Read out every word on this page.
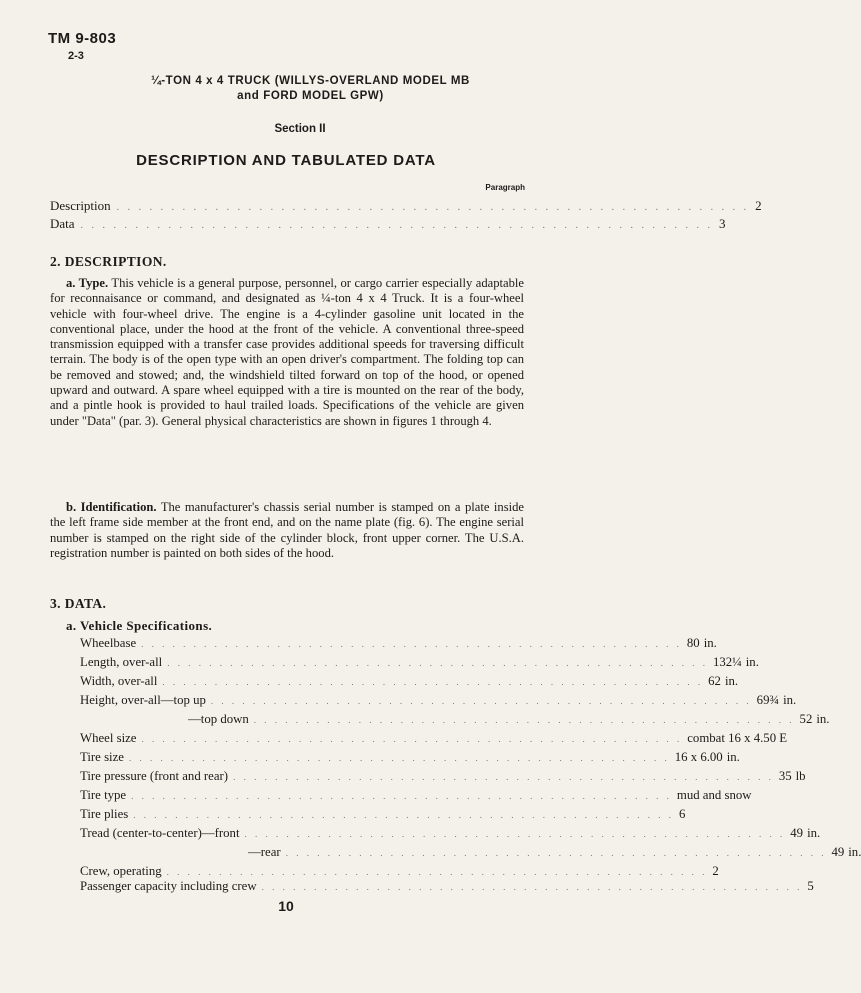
TM 9-803
2-3
¼-TON 4 x 4 TRUCK (WILLYS-OVERLAND MODEL MB
and FORD MODEL GPW)
Section II
DESCRIPTION AND TABULATED DATA
Paragraph
Description . . . . . . . . . . . . . . . . . . . . . . . . . . . . . . . . . . . . . . . . . . . . . . . . . . . . . . . . . . 2
Data . . . . . . . . . . . . . . . . . . . . . . . . . . . . . . . . . . . . . . . . . . . . . . . . . . . . . . . . . . 3
2. DESCRIPTION.
a. Type. This vehicle is a general purpose, personnel, or cargo carrier especially adaptable for reconnaisance or command, and designated as ¼-ton 4 x 4 Truck. It is a four-wheel vehicle with four-wheel drive. The engine is a 4-cylinder gasoline unit located in the conventional place, under the hood at the front of the vehicle. A conventional three-speed transmission equipped with a transfer case provides additional speeds for traversing difficult terrain. The body is of the open type with an open driver's compartment. The folding top can be removed and stowed; and, the windshield tilted forward on top of the hood, or opened upward and outward. A spare wheel equipped with a tire is mounted on the rear of the body, and a pintle hook is provided to haul trailed loads. Specifications of the vehicle are given under "Data" (par. 3). General physical characteristics are shown in figures 1 through 4.
b. Identification. The manufacturer's chassis serial number is stamped on a plate inside the left frame side member at the front end, and on the name plate (fig. 6). The engine serial number is stamped on the right side of the cylinder block, front upper corner. The U.S.A. registration number is painted on both sides of the hood.
3. DATA.
a. Vehicle Specifications.
Wheelbase . . . . . . . . . . . . . . . . . . . . . . . . . . . . . . . . . . . . . . . . . . . . . . . . . . . . 80 in.
Length, over-all . . . . . . . . . . . . . . . . . . . . . . . . . . . . . . . . . . . . . . . . . . . . . . . . . . . . 132¼ in.
Width, over-all . . . . . . . . . . . . . . . . . . . . . . . . . . . . . . . . . . . . . . . . . . . . . . . . . . . . 62 in.
Height, over-all—top up . . . . . . . . . . . . . . . . . . . . . . . . . . . . . . . . . . . . . . . . . . . . . . . . . . . . 69¾ in.
—top down . . . . . . . . . . . . . . . . . . . . . . . . . . . . . . . . . . . . . . . . . . . . . . . . . . . . 52 in.
Wheel size . . . . . . . . . . . . . . . . . . . . . . . . . . . . . . . . . . . . . . . . . . . . . . . . . . . . combat 16 x 4.50 E
Tire size . . . . . . . . . . . . . . . . . . . . . . . . . . . . . . . . . . . . . . . . . . . . . . . . . . . . 16 x 6.00 in.
Tire pressure (front and rear) . . . . . . . . . . . . . . . . . . . . . . . . . . . . . . . . . . . . . . . . . . . . . . . . . . . . 35 lb
Tire type . . . . . . . . . . . . . . . . . . . . . . . . . . . . . . . . . . . . . . . . . . . . . . . . . . . . mud and snow
Tire plies . . . . . . . . . . . . . . . . . . . . . . . . . . . . . . . . . . . . . . . . . . . . . . . . . . . . 6
Tread (center-to-center)—front . . . . . . . . . . . . . . . . . . . . . . . . . . . . . . . . . . . . . . . . . . . . . . . . . . . . 49 in.
—rear . . . . . . . . . . . . . . . . . . . . . . . . . . . . . . . . . . . . . . . . . . . . . . . . . . . . 49 in.
Crew, operating . . . . . . . . . . . . . . . . . . . . . . . . . . . . . . . . . . . . . . . . . . . . . . . . . . . . 2
Passenger capacity including crew . . . . . . . . . . . . . . . . . . . . . . . . . . . . . . . . . . . . . . . . . . . . . . . . . . . . 5
10
